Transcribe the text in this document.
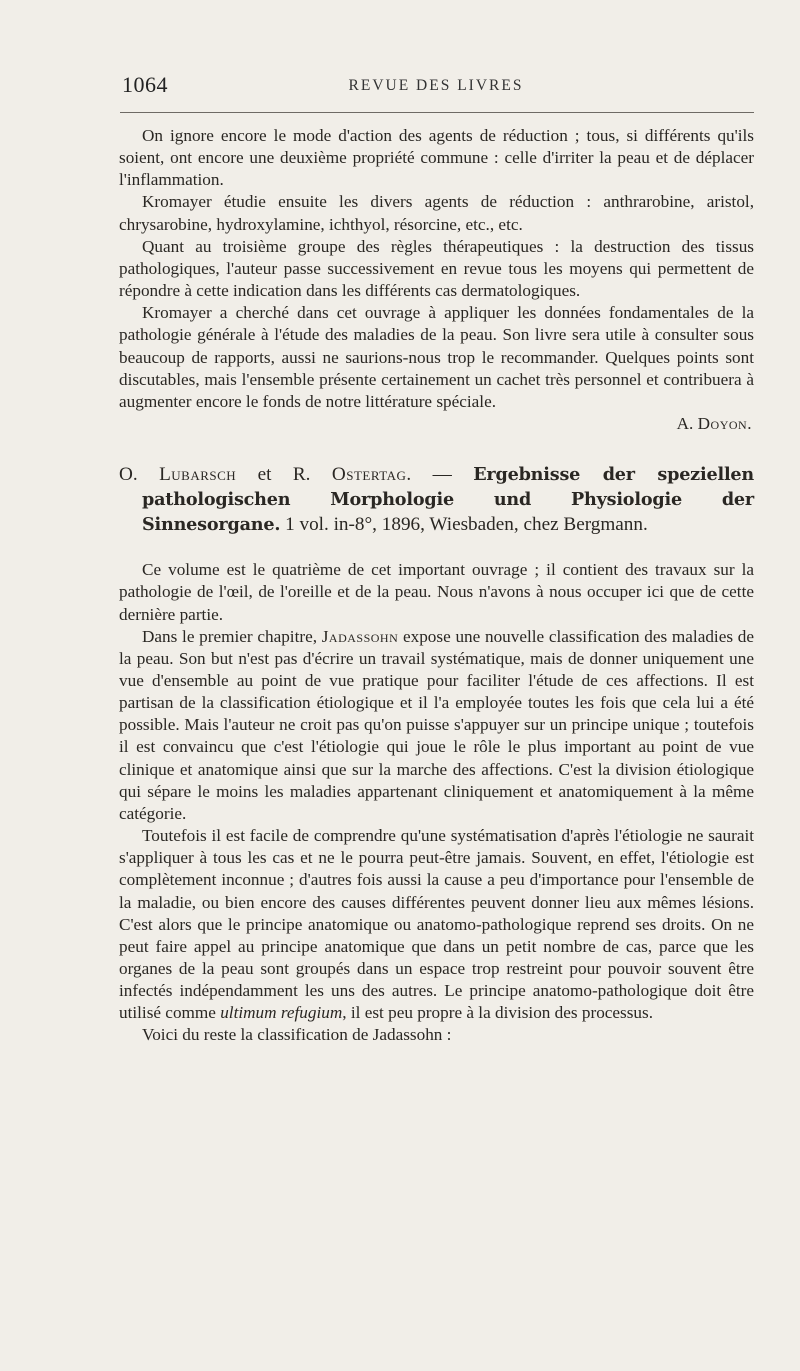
1064	REVUE DES LIVRES

On ignore encore le mode d'action des agents de réduction ; tous, si différents qu'ils soient, ont encore une deuxième propriété commune : celle d'irriter la peau et de déplacer l'inflammation.

Kromayer étudie ensuite les divers agents de réduction : anthrarobine, aristol, chrysarobine, hydroxylamine, ichthyol, résorcine, etc., etc.

Quant au troisième groupe des règles thérapeutiques : la destruction des tissus pathologiques, l'auteur passe successivement en revue tous les moyens qui permettent de répondre à cette indication dans les différents cas dermatologiques.

Kromayer a cherché dans cet ouvrage à appliquer les données fondamentales de la pathologie générale à l'étude des maladies de la peau. Son livre sera utile à consulter sous beaucoup de rapports, aussi ne saurions-nous trop le recommander. Quelques points sont discutables, mais l'ensemble présente certainement un cachet très personnel et contribuera à augmenter encore le fonds de notre littérature spéciale.

A. Doyon.

O. Lubarsch et R. Ostertag. — Ergebnisse der speziellen pathologischen Morphologie und Physiologie der Sinnesorgane. 1 vol. in-8°, 1896, Wiesbaden, chez Bergmann.

Ce volume est le quatrième de cet important ouvrage ; il contient des travaux sur la pathologie de l'œil, de l'oreille et de la peau. Nous n'avons à nous occuper ici que de cette dernière partie.

Dans le premier chapitre, Jadassohn expose une nouvelle classification des maladies de la peau. Son but n'est pas d'écrire un travail systématique, mais de donner uniquement une vue d'ensemble au point de vue pratique pour faciliter l'étude de ces affections. Il est partisan de la classification étiologique et il l'a employée toutes les fois que cela lui a été possible. Mais l'auteur ne croit pas qu'on puisse s'appuyer sur un principe unique ; toutefois il est convaincu que c'est l'étiologie qui joue le rôle le plus important au point de vue clinique et anatomique ainsi que sur la marche des affections. C'est la division étiologique qui sépare le moins les maladies appartenant cliniquement et anatomiquement à la même catégorie.

Toutefois il est facile de comprendre qu'une systématisation d'après l'étiologie ne saurait s'appliquer à tous les cas et ne le pourra peut-être jamais. Souvent, en effet, l'étiologie est complètement inconnue ; d'autres fois aussi la cause a peu d'importance pour l'ensemble de la maladie, ou bien encore des causes différentes peuvent donner lieu aux mêmes lésions. C'est alors que le principe anatomique ou anatomo-pathologique reprend ses droits. On ne peut faire appel au principe anatomique que dans un petit nombre de cas, parce que les organes de la peau sont groupés dans un espace trop restreint pour pouvoir souvent être infectés indépendamment les uns des autres. Le principe anatomo-pathologique doit être utilisé comme ultimum refugium, il est peu propre à la division des processus.

Voici du reste la classification de Jadassohn :
